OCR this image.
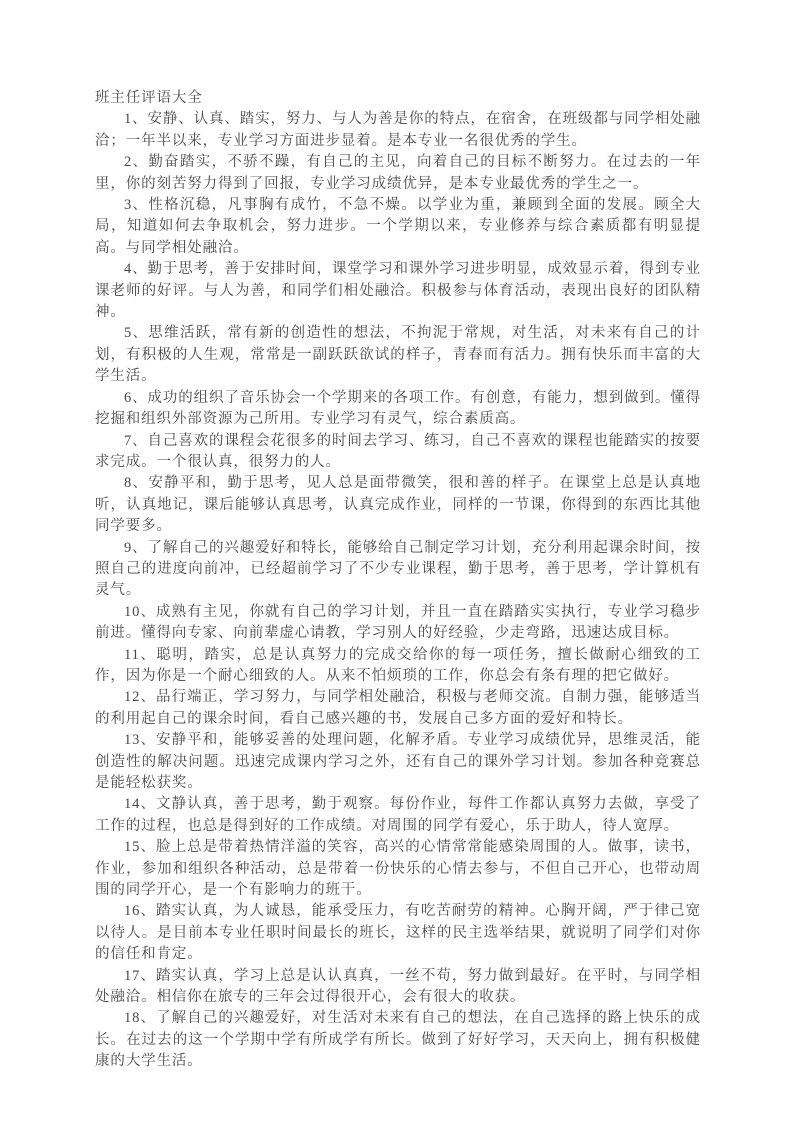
班主任评语大全

1、安静、认真、踏实，努力、与人为善是你的特点，在宿舍，在班级都与同学相处融洽；一年半以来，专业学习方面进步显着。是本专业一名很优秀的学生。

2、勤奋踏实，不骄不躁，有自己的主见，向着自己的目标不断努力。在过去的一年里，你的刻苦努力得到了回报，专业学习成绩优异，是本专业最优秀的学生之一。

3、性格沉稳，凡事胸有成竹，不急不燥。以学业为重，兼顾到全面的发展。顾全大局，知道如何去争取机会，努力进步。一个学期以来，专业修养与综合素质都有明显提高。与同学相处融洽。

4、勤于思考，善于安排时间，课堂学习和课外学习进步明显，成效显示着，得到专业课老师的好评。与人为善，和同学们相处融洽。积极参与体育活动，表现出良好的团队精神。

5、思维活跃，常有新的创造性的想法，不拘泥于常规，对生活，对未来有自己的计划，有积极的人生观，常常是一副跃跃欲试的样子，青春而有活力。拥有快乐而丰富的大学生活。

6、成功的组织了音乐协会一个学期来的各项工作。有创意，有能力，想到做到。懂得挖掘和组织外部资源为己所用。专业学习有灵气，综合素质高。

7、自己喜欢的课程会花很多的时间去学习、练习，自己不喜欢的课程也能踏实的按要求完成。一个很认真，很努力的人。

8、安静平和，勤于思考，见人总是面带微笑，很和善的样子。在课堂上总是认真地听，认真地记，课后能够认真思考，认真完成作业，同样的一节课，你得到的东西比其他同学要多。

9、了解自己的兴趣爱好和特长，能够给自己制定学习计划，充分利用起课余时间，按照自己的进度向前冲，已经超前学习了不少专业课程，勤于思考，善于思考，学计算机有灵气。

10、成熟有主见，你就有自己的学习计划，并且一直在踏踏实实执行，专业学习稳步前进。懂得向专家、向前辈虚心请教，学习别人的好经验，少走弯路，迅速达成目标。

11、聪明，踏实，总是认真努力的完成交给你的每一项任务，擅长做耐心细致的工作，因为你是一个耐心细致的人。从来不怕烦琐的工作，你总会有条有理的把它做好。

12、品行端正，学习努力，与同学相处融洽，积极与老师交流。自制力强，能够适当的利用起自己的课余时间，看自己感兴趣的书，发展自己多方面的爱好和特长。

13、安静平和，能够妥善的处理问题，化解矛盾。专业学习成绩优异，思维灵活，能创造性的解决问题。迅速完成课内学习之外，还有自己的课外学习计划。参加各种竞赛总是能轻松获奖。

14、文静认真，善于思考，勤于观察。每份作业，每件工作都认真努力去做，享受了工作的过程，也总是得到好的工作成绩。对周围的同学有爱心，乐于助人，待人宽厚。

15、脸上总是带着热情洋溢的笑容，高兴的心情常常能感染周围的人。做事，读书，作业，参加和组织各种活动，总是带着一份快乐的心情去参与，不但自己开心，也带动周围的同学开心，是一个有影响力的班干。

16、踏实认真，为人诚恳，能承受压力，有吃苦耐劳的精神。心胸开阔，严于律己宽以待人。是目前本专业任职时间最长的班长，这样的民主选举结果，就说明了同学们对你的信任和肯定。

17、踏实认真，学习上总是认认真真，一丝不苟，努力做到最好。在平时，与同学相处融洽。相信你在旅专的三年会过得很开心，会有很大的收获。

18、了解自己的兴趣爱好，对生活对未来有自己的想法，在自己选择的路上快乐的成长。在过去的这一个学期中学有所成学有所长。做到了好好学习，天天向上，拥有积极健康的大学生活。
